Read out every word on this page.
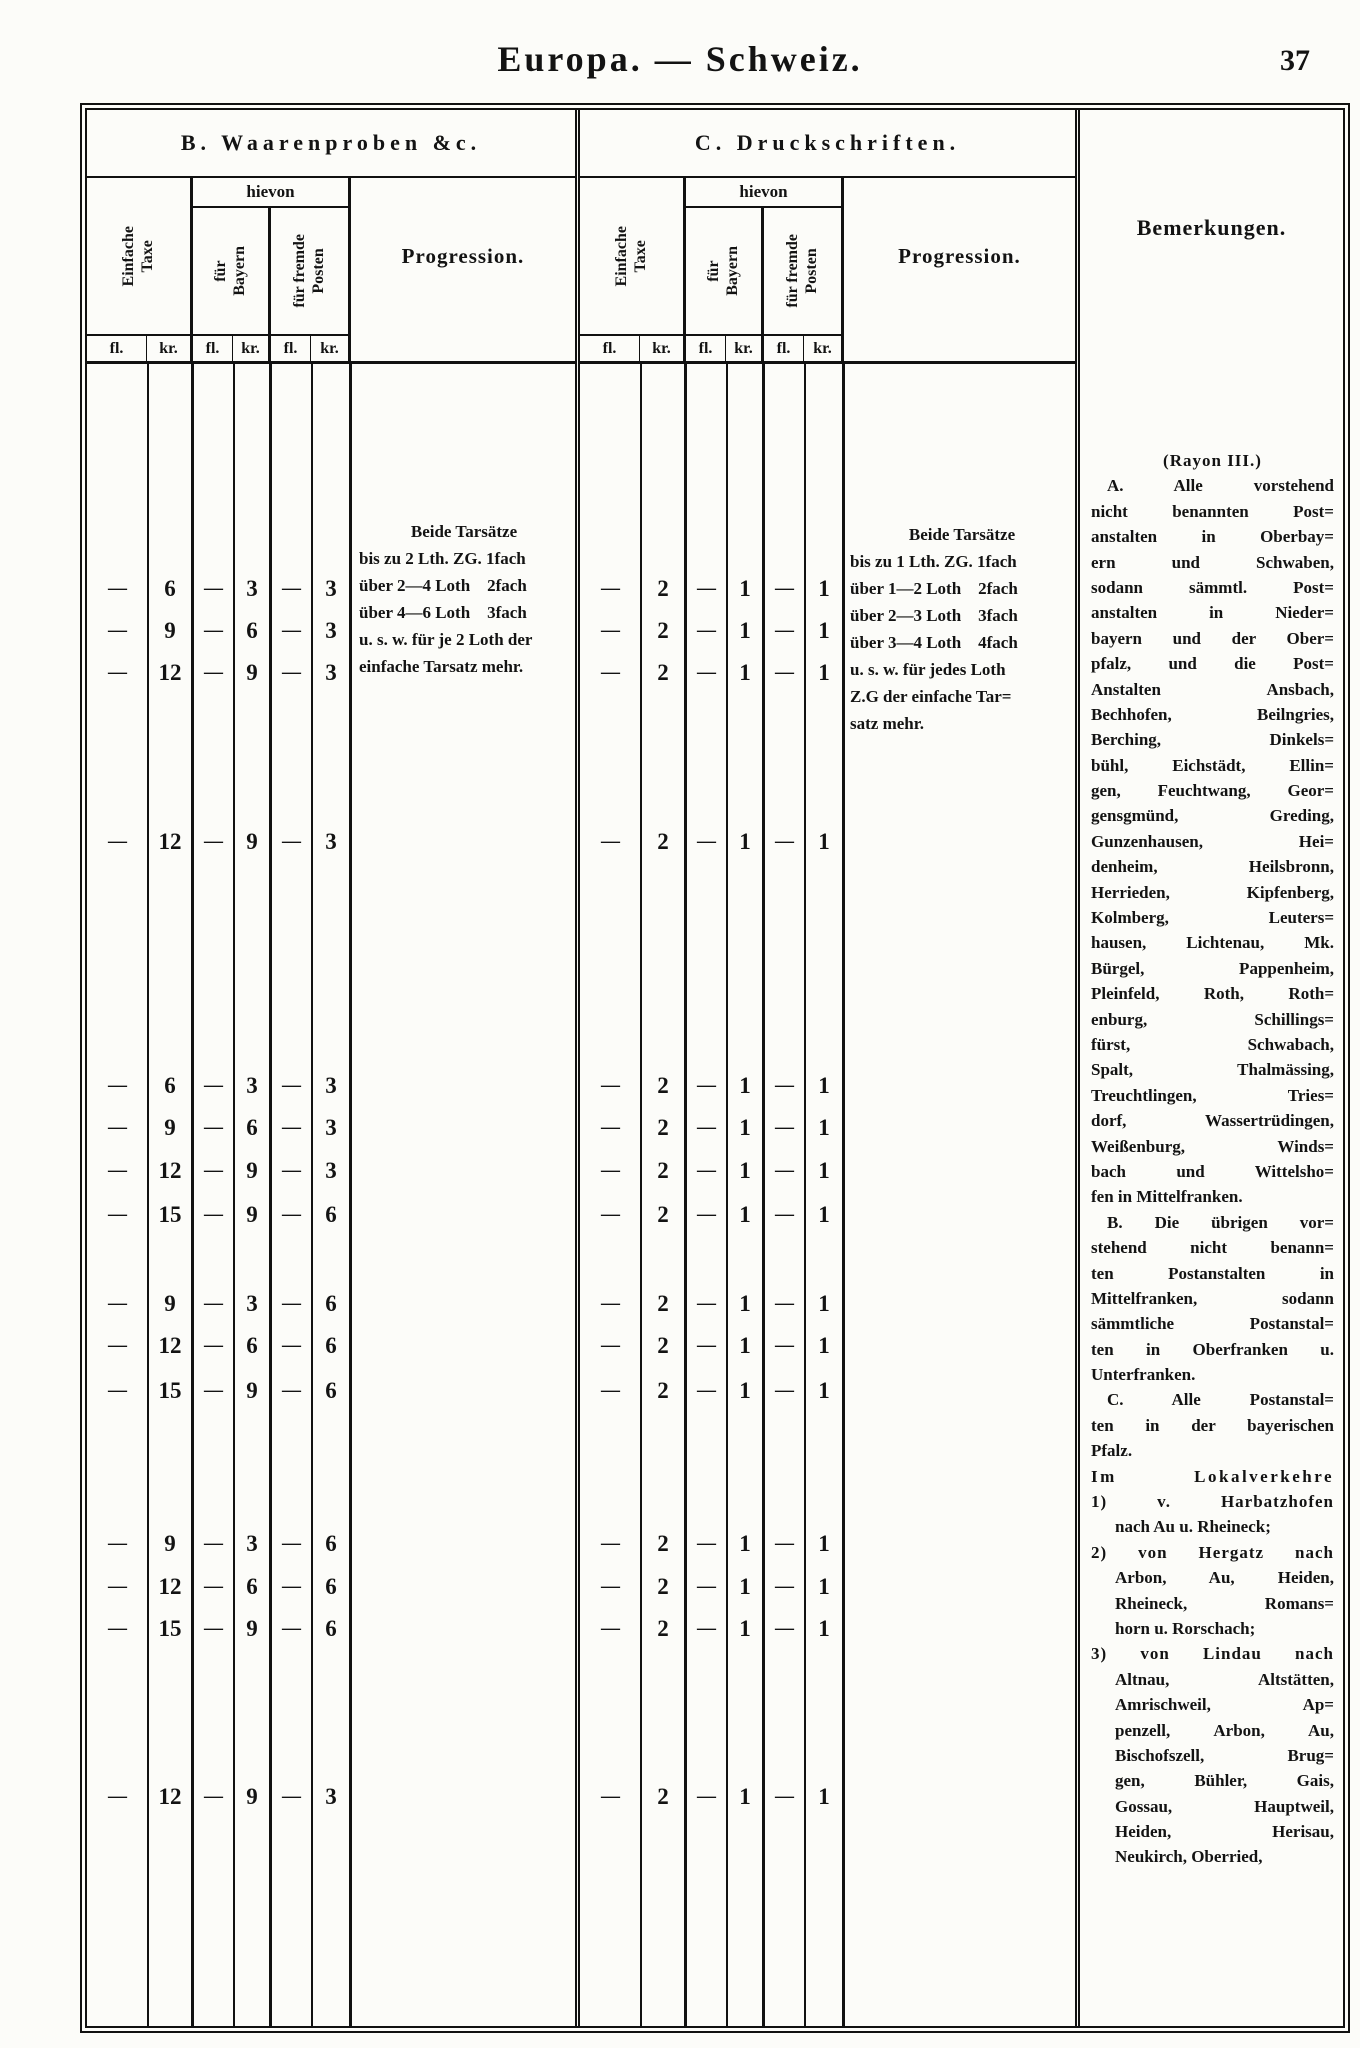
Europa. — Schweiz.	37
B. Waarenproben &c.
Einfache Taxe
hievon
für Bayern	für fremde Posten	Progression.
fl.	kr.	fl.	kr.	fl.	kr.
Beide Tarsätze
bis zu 2 Lth. ZG. 1fach
über 2—4 Loth    2fach
über 4—6 Loth    3fach
u. s. w. für je 2 Loth der
einfache Tarsatz mehr.
—	6	—	3	—	3
—	9	—	6	—	3
—	12	—	9	—	3
—	12	—	9	—	3
—	6	—	3	—	3
—	9	—	6	—	3
—	12	—	9	—	3
—	15	—	9	—	6
—	9	—	3	—	6
—	12	—	6	—	6
—	15	—	9	—	6
—	9	—	3	—	6
—	12	—	6	—	6
—	15	—	9	—	6
—	12	—	9	—	3
C. Druckschriften.
Einfache Taxe
hievon
für Bayern	für fremde Posten	Progression.
fl.	kr.	fl.	kr.	fl.	kr.
Beide Tarsätze
bis zu 1 Lth. ZG. 1fach
über 1—2 Loth    2fach
über 2—3 Loth    3fach
über 3—4 Loth    4fach
u. s. w. für jedes Loth
Z.G der einfache Tar=
satz mehr.
—	2	—	1	—	1
—	2	—	1	—	1
—	2	—	1	—	1
—	2	—	1	—	1
—	2	—	1	—	1
—	2	—	1	—	1
—	2	—	1	—	1
—	2	—	1	—	1
—	2	—	1	—	1
—	2	—	1	—	1
—	2	—	1	—	1
—	2	—	1	—	1
—	2	—	1	—	1
—	2	—	1	—	1
—	2	—	1	—	1
Bemerkungen.
(Rayon III.)
A. Alle vorstehend
nicht benannten Post=
anstalten in Oberbay=
ern und Schwaben,
sodann sämmtl. Post=
anstalten in Nieder=
bayern und der Ober=
pfalz, und die Post=
Anstalten Ansbach,
Bechhofen, Beilngries,
Berching, Dinkels=
bühl, Eichstädt, Ellin=
gen, Feuchtwang, Geor=
gensgmünd, Greding,
Gunzenhausen, Hei=
denheim, Heilsbronn,
Herrieden, Kipfenberg,
Kolmberg, Leuters=
hausen, Lichtenau, Mk.
Bürgel, Pappenheim,
Pleinfeld, Roth, Roth=
enburg, Schillings=
fürst, Schwabach,
Spalt, Thalmässing,
Treuchtlingen, Tries=
dorf, Wassertrüdingen,
Weißenburg, Winds=
bach und Wittelsho=
fen in Mittelfranken.
B. Die übrigen vor=
stehend nicht benann=
ten Postanstalten in
Mittelfranken, sodann
sämmtliche Postanstal=
ten in Oberfranken u.
Unterfranken.
C. Alle Postanstal=
ten in der bayerischen
Pfalz.
Im Lokalverkehre
1) v. Harbatzhofen
nach Au u. Rheineck;
2) von Hergatz nach
Arbon, Au, Heiden,
Rheineck, Romans=
horn u. Rorschach;
3) von Lindau nach
Altnau, Altstätten,
Amrischweil, Ap=
penzell, Arbon, Au,
Bischofszell, Brug=
gen, Bühler, Gais,
Gossau, Hauptweil,
Heiden, Herisau,
Neukirch, Oberried,
